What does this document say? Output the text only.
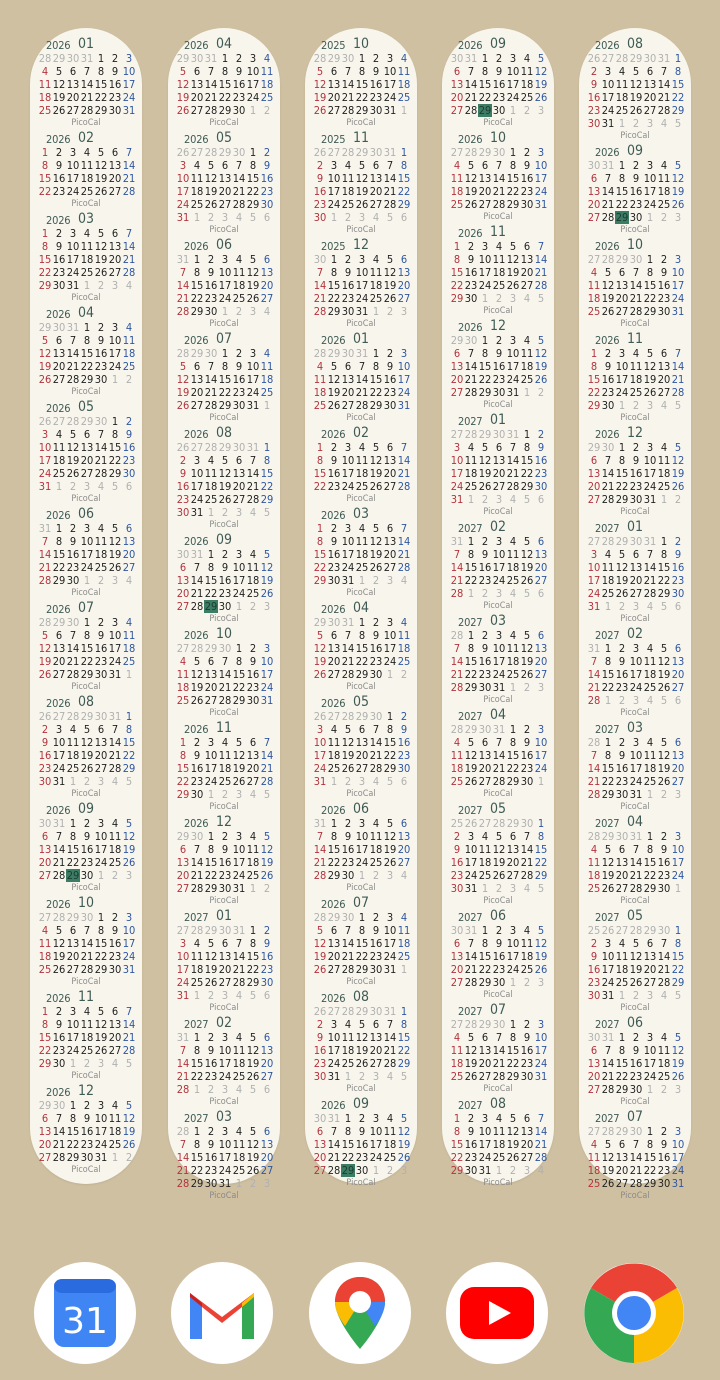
2026 01
28 29 30 31 1 2 3
4 5 6 7 8 9 10
11 12 13 14 15 16 17
18 19 20 21 22 23 24
25 26 27 28 29 30 31
PicoCal
2026 02
1 2 3 4 5 6 7
8 9 10 11 12 13 14
15 16 17 18 19 20 21
22 23 24 25 26 27 28
PicoCal
2026 03
1 2 3 4 5 6 7
8 9 10 11 12 13 14
15 16 17 18 19 20 21
22 23 24 25 26 27 28
29 30 31 1 2 3 4
PicoCal
2026 04
29 30 31 1 2 3 4
5 6 7 8 9 10 11
12 13 14 15 16 17 18
19 20 21 22 23 24 25
26 27 28 29 30 1 2
PicoCal
2026 05
26 27 28 29 30 1 2
3 4 5 6 7 8 9
10 11 12 13 14 15 16
17 18 19 20 21 22 23
24 25 26 27 28 29 30
31 1 2 3 4 5 6
PicoCal
2026 06
31 1 2 3 4 5 6
7 8 9 10 11 12 13
14 15 16 17 18 19 20
21 22 23 24 25 26 27
28 29 30 1 2 3 4
PicoCal
2026 07
28 29 30 1 2 3 4
5 6 7 8 9 10 11
12 13 14 15 16 17 18
19 20 21 22 23 24 25
26 27 28 29 30 31 1
PicoCal
2026 08
26 27 28 29 30 31 1
2 3 4 5 6 7 8
9 10 11 12 13 14 15
16 17 18 19 20 21 22
23 24 25 26 27 28 29
30 31 1 2 3 4 5
PicoCal
2026 09
30 31 1 2 3 4 5
6 7 8 9 10 11 12
13 14 15 16 17 18 19
20 21 22 23 24 25 26
27 28 29 30 1 2 3
PicoCal
2026 10
27 28 29 30 1 2 3
4 5 6 7 8 9 10
11 12 13 14 15 16 17
18 19 20 21 22 23 24
25 26 27 28 29 30 31
PicoCal
2026 11
1 2 3 4 5 6 7
8 9 10 11 12 13 14
15 16 17 18 19 20 21
22 23 24 25 26 27 28
29 30 1 2 3 4 5
PicoCal
2026 12
29 30 1 2 3 4 5
6 7 8 9 10 11 12
13 14 15 16 17 18 19
20 21 22 23 24 25 26
27 28 29 30 31 1 2
PicoCal
2026 04
29 30 31 1 2 3 4
5 6 7 8 9 10 11
12 13 14 15 16 17 18
19 20 21 22 23 24 25
26 27 28 29 30 1 2
PicoCal
2026 05
26 27 28 29 30 1 2
3 4 5 6 7 8 9
10 11 12 13 14 15 16
17 18 19 20 21 22 23
24 25 26 27 28 29 30
31 1 2 3 4 5 6
PicoCal
2026 06
31 1 2 3 4 5 6
7 8 9 10 11 12 13
14 15 16 17 18 19 20
21 22 23 24 25 26 27
28 29 30 1 2 3 4
PicoCal
2026 07
28 29 30 1 2 3 4
5 6 7 8 9 10 11
12 13 14 15 16 17 18
19 20 21 22 23 24 25
26 27 28 29 30 31 1
PicoCal
2026 08
26 27 28 29 30 31 1
2 3 4 5 6 7 8
9 10 11 12 13 14 15
16 17 18 19 20 21 22
23 24 25 26 27 28 29
30 31 1 2 3 4 5
PicoCal
2026 09
30 31 1 2 3 4 5
6 7 8 9 10 11 12
13 14 15 16 17 18 19
20 21 22 23 24 25 26
27 28 29 30 1 2 3
PicoCal
2026 10
27 28 29 30 1 2 3
4 5 6 7 8 9 10
11 12 13 14 15 16 17
18 19 20 21 22 23 24
25 26 27 28 29 30 31
PicoCal
2026 11
1 2 3 4 5 6 7
8 9 10 11 12 13 14
15 16 17 18 19 20 21
22 23 24 25 26 27 28
29 30 1 2 3 4 5
PicoCal
2026 12
29 30 1 2 3 4 5
6 7 8 9 10 11 12
13 14 15 16 17 18 19
20 21 22 23 24 25 26
27 28 29 30 31 1 2
PicoCal
2027 01
27 28 29 30 31 1 2
3 4 5 6 7 8 9
10 11 12 13 14 15 16
17 18 19 20 21 22 23
24 25 26 27 28 29 30
31 1 2 3 4 5 6
PicoCal
2027 02
31 1 2 3 4 5 6
7 8 9 10 11 12 13
14 15 16 17 18 19 20
21 22 23 24 25 26 27
28 1 2 3 4 5 6
PicoCal
2027 03
28 1 2 3 4 5 6
7 8 9 10 11 12 13
14 15 16 17 18 19 20
21 22 23 24 25 26 27
28 29 30 31 1 2 3
PicoCal
2025 10
28 29 30 1 2 3 4
5 6 7 8 9 10 11
12 13 14 15 16 17 18
19 20 21 22 23 24 25
26 27 28 29 30 31 1
PicoCal
2025 11
26 27 28 29 30 31 1
2 3 4 5 6 7 8
9 10 11 12 13 14 15
16 17 18 19 20 21 22
23 24 25 26 27 28 29
30 1 2 3 4 5 6
PicoCal
2025 12
30 1 2 3 4 5 6
7 8 9 10 11 12 13
14 15 16 17 18 19 20
21 22 23 24 25 26 27
28 29 30 31 1 2 3
PicoCal
2026 01
28 29 30 31 1 2 3
4 5 6 7 8 9 10
11 12 13 14 15 16 17
18 19 20 21 22 23 24
25 26 27 28 29 30 31
PicoCal
2026 02
1 2 3 4 5 6 7
8 9 10 11 12 13 14
15 16 17 18 19 20 21
22 23 24 25 26 27 28
PicoCal
2026 03
1 2 3 4 5 6 7
8 9 10 11 12 13 14
15 16 17 18 19 20 21
22 23 24 25 26 27 28
29 30 31 1 2 3 4
PicoCal
2026 04
29 30 31 1 2 3 4
5 6 7 8 9 10 11
12 13 14 15 16 17 18
19 20 21 22 23 24 25
26 27 28 29 30 1 2
PicoCal
2026 05
26 27 28 29 30 1 2
3 4 5 6 7 8 9
10 11 12 13 14 15 16
17 18 19 20 21 22 23
24 25 26 27 28 29 30
31 1 2 3 4 5 6
PicoCal
2026 06
31 1 2 3 4 5 6
7 8 9 10 11 12 13
14 15 16 17 18 19 20
21 22 23 24 25 26 27
28 29 30 1 2 3 4
PicoCal
2026 07
28 29 30 1 2 3 4
5 6 7 8 9 10 11
12 13 14 15 16 17 18
19 20 21 22 23 24 25
26 27 28 29 30 31 1
PicoCal
2026 08
26 27 28 29 30 31 1
2 3 4 5 6 7 8
9 10 11 12 13 14 15
16 17 18 19 20 21 22
23 24 25 26 27 28 29
30 31 1 2 3 4 5
PicoCal
2026 09
30 31 1 2 3 4 5
6 7 8 9 10 11 12
13 14 15 16 17 18 19
20 21 22 23 24 25 26
27 28 29 30 1 2 3
PicoCal
2026 09
30 31 1 2 3 4 5
6 7 8 9 10 11 12
13 14 15 16 17 18 19
20 21 22 23 24 25 26
27 28 29 30 1 2 3
PicoCal
2026 10
27 28 29 30 1 2 3
4 5 6 7 8 9 10
11 12 13 14 15 16 17
18 19 20 21 22 23 24
25 26 27 28 29 30 31
PicoCal
2026 11
1 2 3 4 5 6 7
8 9 10 11 12 13 14
15 16 17 18 19 20 21
22 23 24 25 26 27 28
29 30 1 2 3 4 5
PicoCal
2026 12
29 30 1 2 3 4 5
6 7 8 9 10 11 12
13 14 15 16 17 18 19
20 21 22 23 24 25 26
27 28 29 30 31 1 2
PicoCal
2027 01
27 28 29 30 31 1 2
3 4 5 6 7 8 9
10 11 12 13 14 15 16
17 18 19 20 21 22 23
24 25 26 27 28 29 30
31 1 2 3 4 5 6
PicoCal
2027 02
31 1 2 3 4 5 6
7 8 9 10 11 12 13
14 15 16 17 18 19 20
21 22 23 24 25 26 27
28 1 2 3 4 5 6
PicoCal
2027 03
28 1 2 3 4 5 6
7 8 9 10 11 12 13
14 15 16 17 18 19 20
21 22 23 24 25 26 27
28 29 30 31 1 2 3
PicoCal
2027 04
28 29 30 31 1 2 3
4 5 6 7 8 9 10
11 12 13 14 15 16 17
18 19 20 21 22 23 24
25 26 27 28 29 30 1
PicoCal
2027 05
25 26 27 28 29 30 1
2 3 4 5 6 7 8
9 10 11 12 13 14 15
16 17 18 19 20 21 22
23 24 25 26 27 28 29
30 31 1 2 3 4 5
PicoCal
2027 06
30 31 1 2 3 4 5
6 7 8 9 10 11 12
13 14 15 16 17 18 19
20 21 22 23 24 25 26
27 28 29 30 1 2 3
PicoCal
2027 07
27 28 29 30 1 2 3
4 5 6 7 8 9 10
11 12 13 14 15 16 17
18 19 20 21 22 23 24
25 26 27 28 29 30 31
PicoCal
2027 08
1 2 3 4 5 6 7
8 9 10 11 12 13 14
15 16 17 18 19 20 21
22 23 24 25 26 27 28
29 30 31 1 2 3 4
PicoCal
2026 08
26 27 28 29 30 31 1
2 3 4 5 6 7 8
9 10 11 12 13 14 15
16 17 18 19 20 21 22
23 24 25 26 27 28 29
30 31 1 2 3 4 5
PicoCal
2026 09
30 31 1 2 3 4 5
6 7 8 9 10 11 12
13 14 15 16 17 18 19
20 21 22 23 24 25 26
27 28 29 30 1 2 3
PicoCal
2026 10
27 28 29 30 1 2 3
4 5 6 7 8 9 10
11 12 13 14 15 16 17
18 19 20 21 22 23 24
25 26 27 28 29 30 31
PicoCal
2026 11
1 2 3 4 5 6 7
8 9 10 11 12 13 14
15 16 17 18 19 20 21
22 23 24 25 26 27 28
29 30 1 2 3 4 5
PicoCal
2026 12
29 30 1 2 3 4 5
6 7 8 9 10 11 12
13 14 15 16 17 18 19
20 21 22 23 24 25 26
27 28 29 30 31 1 2
PicoCal
2027 01
27 28 29 30 31 1 2
3 4 5 6 7 8 9
10 11 12 13 14 15 16
17 18 19 20 21 22 23
24 25 26 27 28 29 30
31 1 2 3 4 5 6
PicoCal
2027 02
31 1 2 3 4 5 6
7 8 9 10 11 12 13
14 15 16 17 18 19 20
21 22 23 24 25 26 27
28 1 2 3 4 5 6
PicoCal
2027 03
28 1 2 3 4 5 6
7 8 9 10 11 12 13
14 15 16 17 18 19 20
21 22 23 24 25 26 27
28 29 30 31 1 2 3
PicoCal
2027 04
28 29 30 31 1 2 3
4 5 6 7 8 9 10
11 12 13 14 15 16 17
18 19 20 21 22 23 24
25 26 27 28 29 30 1
PicoCal
2027 05
25 26 27 28 29 30 1
2 3 4 5 6 7 8
9 10 11 12 13 14 15
16 17 18 19 20 21 22
23 24 25 26 27 28 29
30 31 1 2 3 4 5
PicoCal
2027 06
30 31 1 2 3 4 5
6 7 8 9 10 11 12
13 14 15 16 17 18 19
20 21 22 23 24 25 26
27 28 29 30 1 2 3
PicoCal
2027 07
27 28 29 30 1 2 3
4 5 6 7 8 9 10
11 12 13 14 15 16 17
18 19 20 21 22 23 24
25 26 27 28 29 30 31
PicoCal
31
